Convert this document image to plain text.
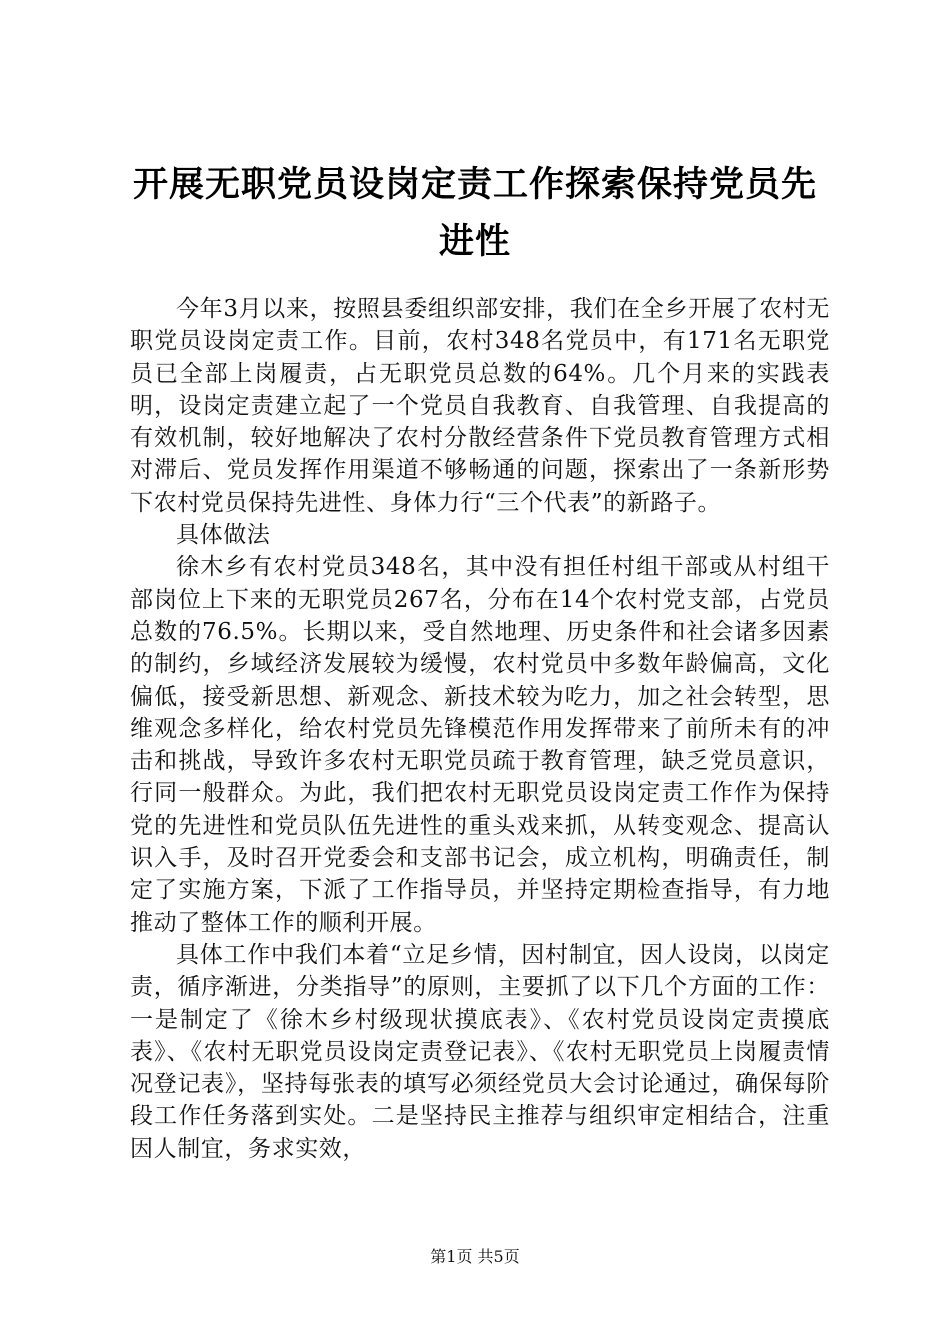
开展无职党员设岗定责工作探索保持党员先进性

今年3月以来，按照县委组织部安排，我们在全乡开展了农村无职党员设岗定责工作。目前，农村348名党员中，有171名无职党员已全部上岗履责，占无职党员总数的64%。几个月来的实践表明，设岗定责建立起了一个党员自我教育、自我管理、自我提高的有效机制，较好地解决了农村分散经营条件下党员教育管理方式相对滞后、党员发挥作用渠道不够畅通的问题，探索出了一条新形势下农村党员保持先进性、身体力行“三个代表”的新路子。

具体做法

徐木乡有农村党员348名，其中没有担任村组干部或从村组干部岗位上下来的无职党员267名，分布在14个农村党支部，占党员总数的76.5%。长期以来，受自然地理、历史条件和社会诸多因素的制约，乡域经济发展较为缓慢，农村党员中多数年龄偏高，文化偏低，接受新思想、新观念、新技术较为吃力，加之社会转型，思维观念多样化，给农村党员先锋模范作用发挥带来了前所未有的冲击和挑战，导致许多农村无职党员疏于教育管理，缺乏党员意识，行同一般群众。为此，我们把农村无职党员设岗定责工作作为保持党的先进性和党员队伍先进性的重头戏来抓，从转变观念、提高认识入手，及时召开党委会和支部书记会，成立机构，明确责任，制定了实施方案，下派了工作指导员，并坚持定期检查指导，有力地推动了整体工作的顺利开展。

具体工作中我们本着“立足乡情，因村制宜，因人设岗，以岗定责，循序渐进，分类指导”的原则，主要抓了以下几个方面的工作：一是制定了《徐木乡村级现状摸底表》、《农村党员设岗定责摸底表》、《农村无职党员设岗定责登记表》、《农村无职党员上岗履责情况登记表》，坚持每张表的填写必须经党员大会讨论通过，确保每阶段工作任务落到实处。二是坚持民主推荐与组织审定相结合，注重因人制宜，务求实效，

第1页 共5页
